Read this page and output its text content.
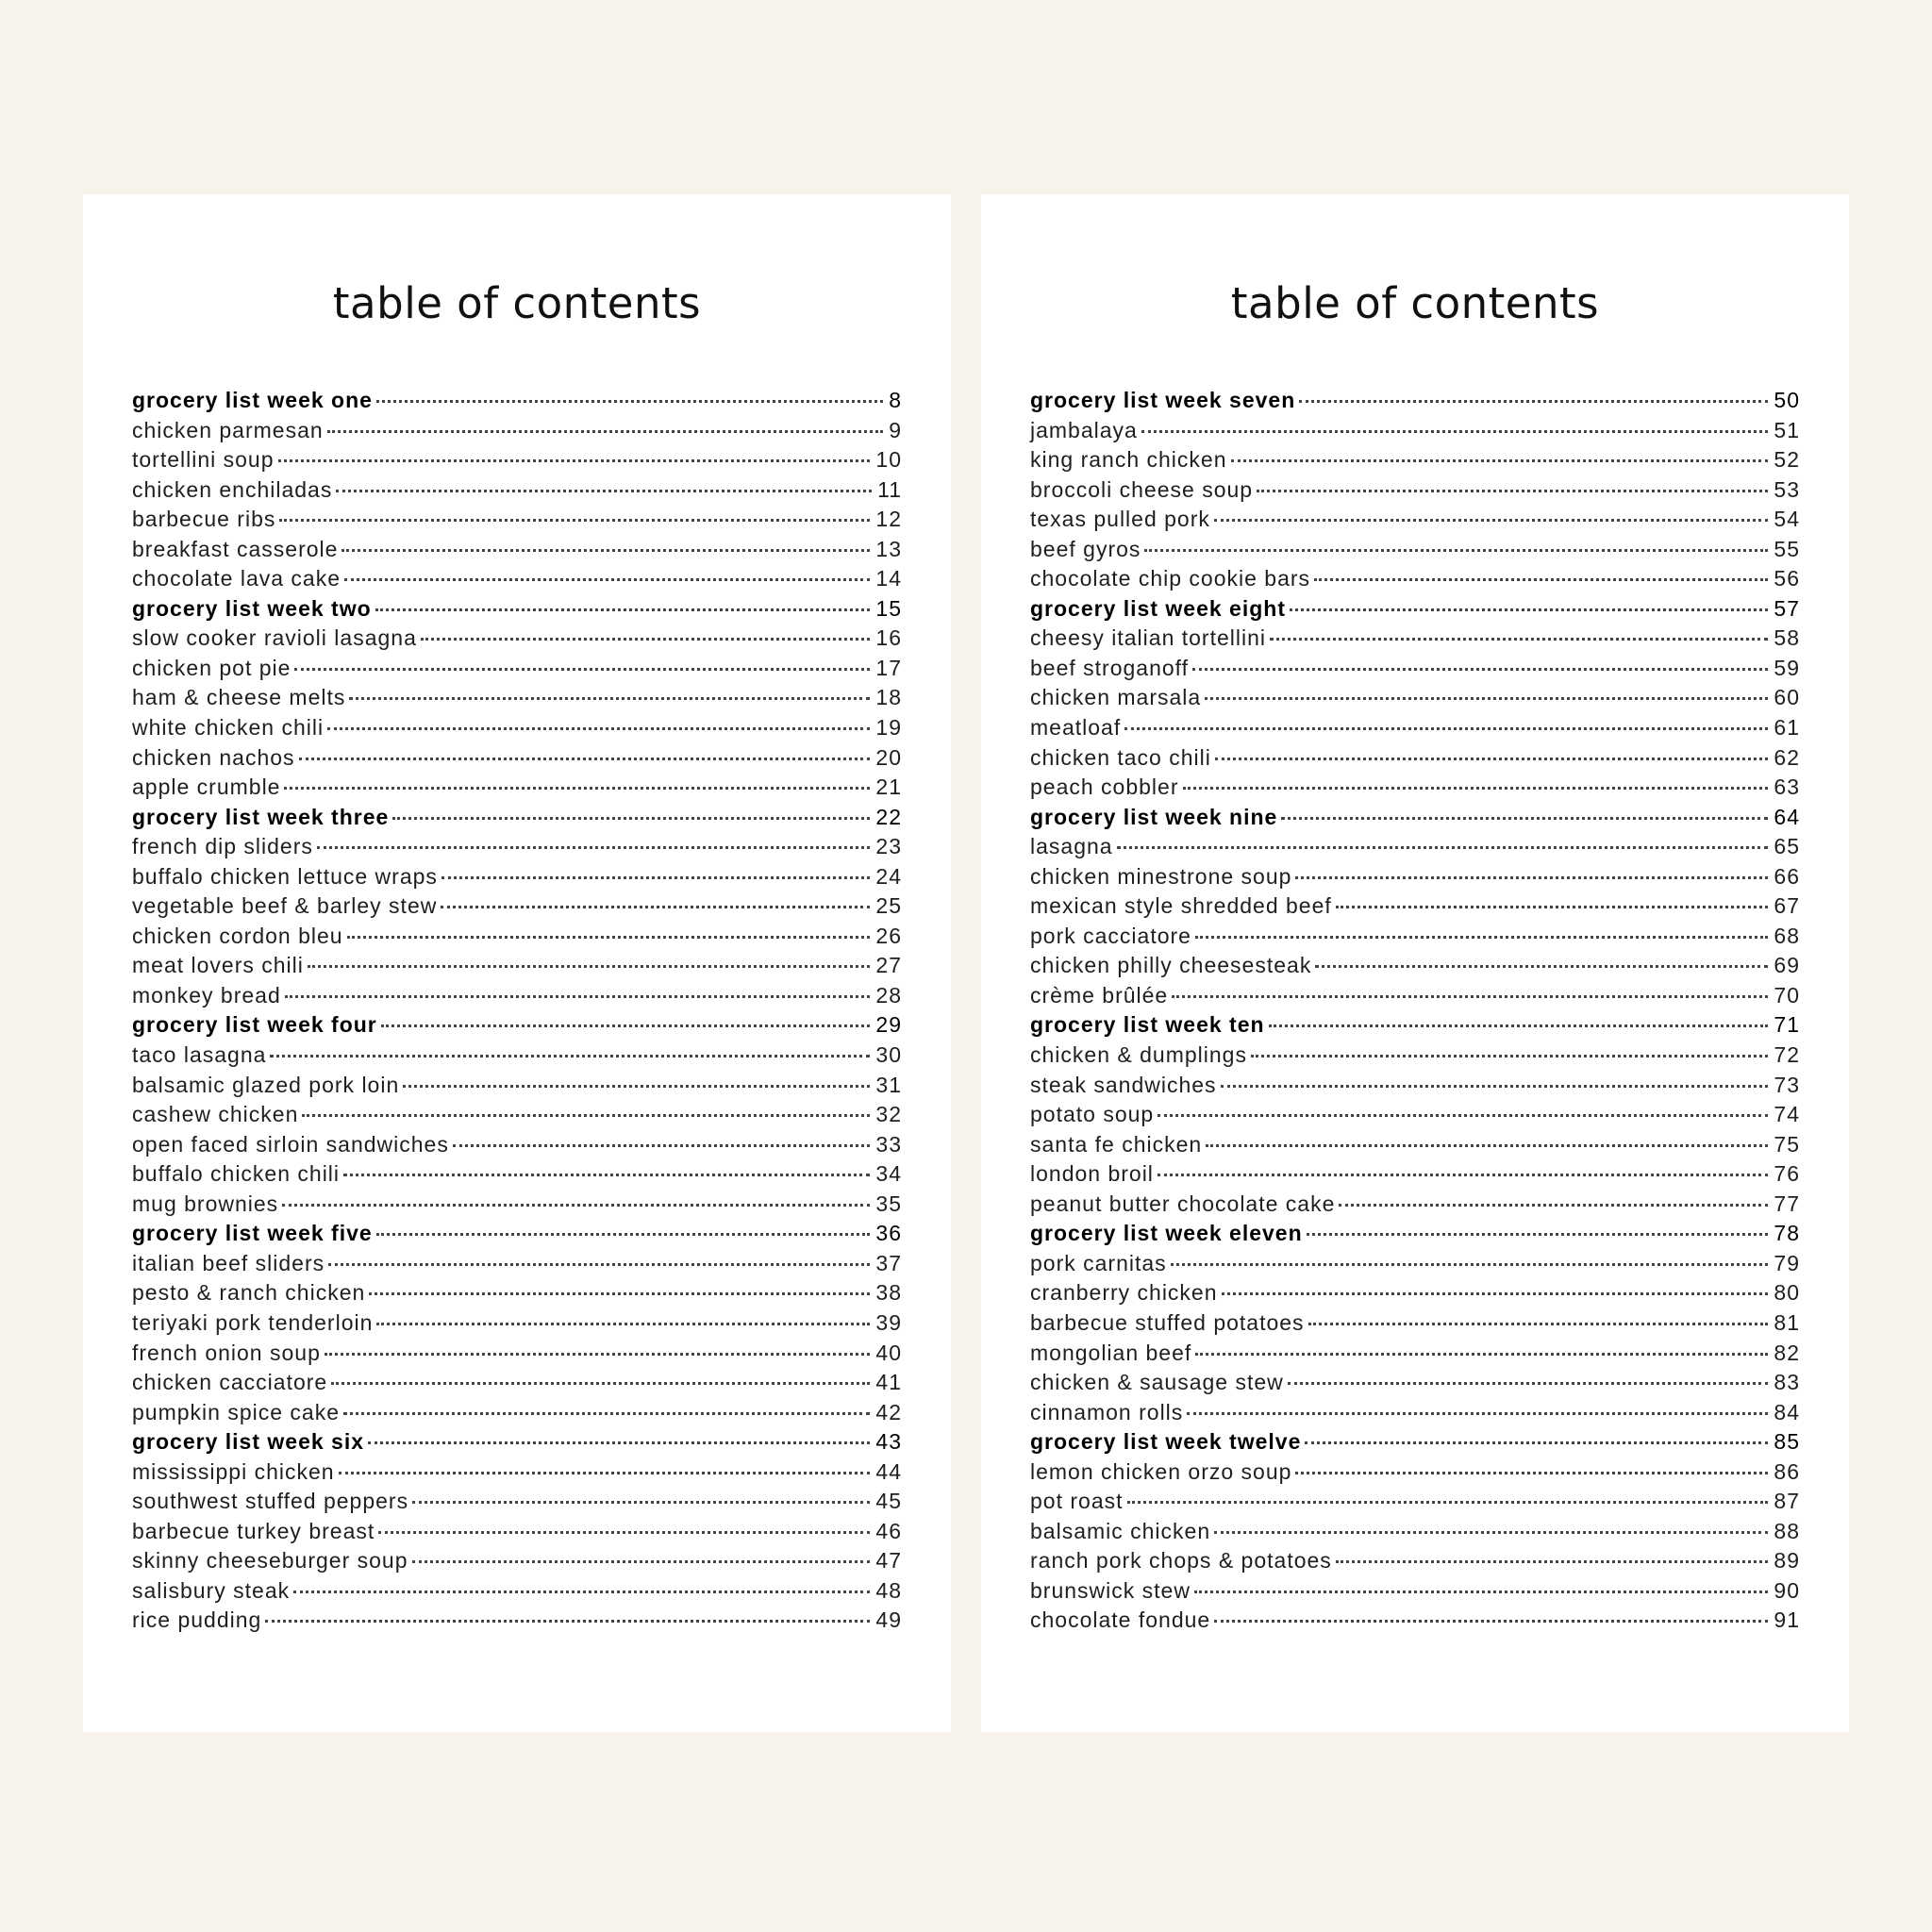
table of contents
grocery list week one	8
chicken parmesan	9
tortellini soup	10
chicken enchiladas	11
barbecue ribs	12
breakfast casserole	13
chocolate lava cake	14
grocery list week two	15
slow cooker ravioli lasagna	16
chicken pot pie	17
ham & cheese melts	18
white chicken chili	19
chicken nachos	20
apple crumble	21
grocery list week three	22
french dip sliders	23
buffalo chicken lettuce wraps	24
vegetable beef & barley stew	25
chicken cordon bleu	26
meat lovers chili	27
monkey bread	28
grocery list week four	29
taco lasagna	30
balsamic glazed pork loin	31
cashew chicken	32
open faced sirloin sandwiches	33
buffalo chicken chili	34
mug brownies	35
grocery list week five	36
italian beef sliders	37
pesto & ranch chicken	38
teriyaki pork tenderloin	39
french onion soup	40
chicken cacciatore	41
pumpkin spice cake	42
grocery list week six	43
mississippi chicken	44
southwest stuffed peppers	45
barbecue turkey breast	46
skinny cheeseburger soup	47
salisbury steak	48
rice pudding	49
table of contents
grocery list week seven	50
jambalaya	51
king ranch chicken	52
broccoli cheese soup	53
texas pulled pork	54
beef gyros	55
chocolate chip cookie bars	56
grocery list week eight	57
cheesy italian tortellini	58
beef stroganoff	59
chicken marsala	60
meatloaf	61
chicken taco chili	62
peach cobbler	63
grocery list week nine	64
lasagna	65
chicken minestrone soup	66
mexican style shredded beef	67
pork cacciatore	68
chicken philly cheesesteak	69
crème brûlée	70
grocery list week ten	71
chicken & dumplings	72
steak sandwiches	73
potato soup	74
santa fe chicken	75
london broil	76
peanut butter chocolate cake	77
grocery list week eleven	78
pork carnitas	79
cranberry chicken	80
barbecue stuffed potatoes	81
mongolian beef	82
chicken & sausage stew	83
cinnamon rolls	84
grocery list week twelve	85
lemon chicken orzo soup	86
pot roast	87
balsamic chicken	88
ranch pork chops & potatoes	89
brunswick stew	90
chocolate fondue	91
